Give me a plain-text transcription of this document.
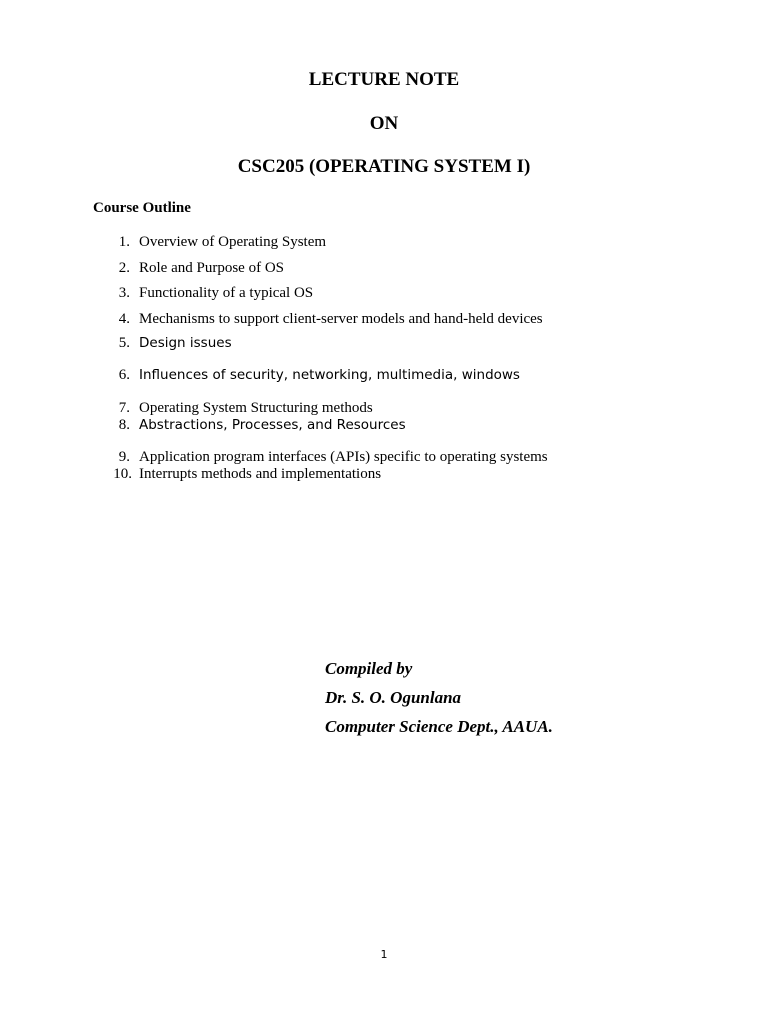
LECTURE NOTE
ON
CSC205 (OPERATING SYSTEM I)
Course Outline
1. Overview of Operating System
2. Role and Purpose of OS
3. Functionality of a typical OS
4. Mechanisms to support client-server models and hand-held devices
5. Design issues
6. Influences of security, networking, multimedia, windows
7. Operating System Structuring methods
8. Abstractions, Processes, and Resources
9. Application program interfaces (APIs) specific to operating systems
10. Interrupts methods and implementations
Compiled by
Dr. S. O. Ogunlana
Computer Science Dept., AAUA.
1
